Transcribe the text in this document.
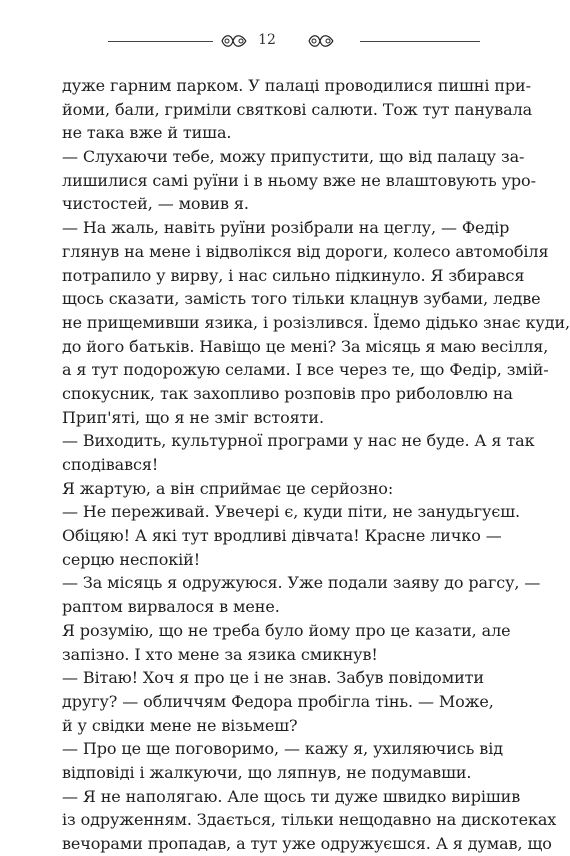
12
дуже гарним парком. У палаці проводилися пишні при-
йоми, бали, гриміли святкові салюти. Тож тут панувала
не така вже й тиша.
— Слухаючи тебе, можу припустити, що від палацу за-
лишилися самі руїни і в ньому вже не влаштовують уро-
чистостей, — мовив я.
— На жаль, навіть руїни розібрали на цеглу, — Федір
глянув на мене і відволікся від дороги, колесо автомобіля
потрапило у вирву, і нас сильно підкинуло. Я збирався
щось сказати, замість того тільки клацнув зубами, ледве
не прищемивши язика, і розізлився. Їдемо дідько знає куди,
до його батьків. Навіщо це мені? За місяць я маю весілля,
а я тут подорожую селами. І все через те, що Федір, змій-
спокусник, так захопливо розповів про риболовлю на
Прип'яті, що я не зміг встояти.
— Виходить, культурної програми у нас не буде. А я так
сподівався!
Я жартую, а він сприймає це серйозно:
— Не переживай. Увечері є, куди піти, не занудьгуєш.
Обіцяю! А які тут вродливі дівчата! Красне личко —
серцю неспокій!
— За місяць я одружуюся. Уже подали заяву до рагсу, —
раптом вирвалося в мене.
Я розумію, що не треба було йому про це казати, але
запізно. І хто мене за язика смикнув!
— Вітаю! Хоч я про це і не знав. Забув повідомити
другу? — обличчям Федора пробігла тінь. — Може,
й у свідки мене не візьмеш?
— Про це ще поговоримо, — кажу я, ухиляючись від
відповіді і жалкуючи, що ляпнув, не подумавши.
— Я не наполягаю. Але щось ти дуже швидко вирішив
із одруженням. Здається, тільки нещодавно на дискотеках
вечорами пропадав, а тут уже одружуєшся. А я думав, що
